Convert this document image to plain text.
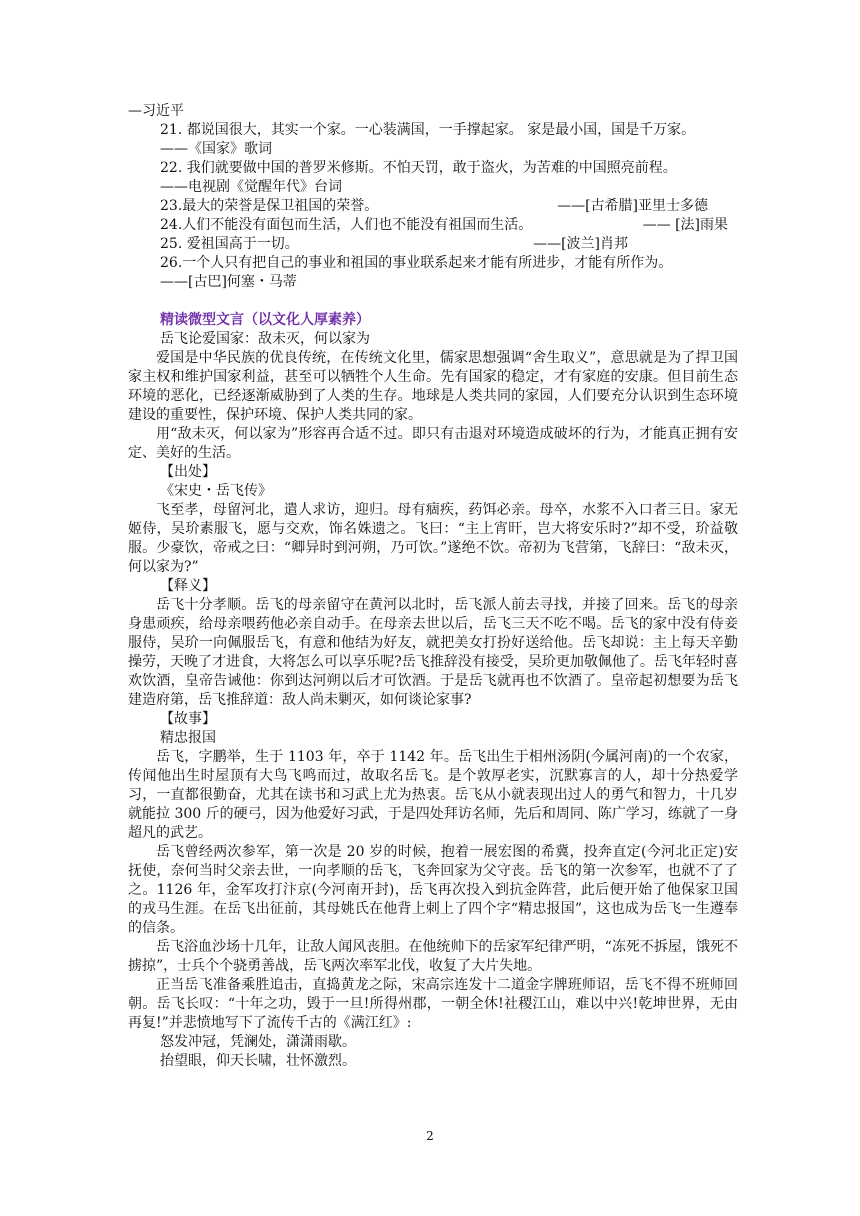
—习近平
21. 都说国很大，其实一个家。一心装满国，一手撑起家。 家是最小国，国是千万家。
——《国家》歌词
22. 我们就要做中国的普罗米修斯。不怕天罚，敢于盗火，为苦难的中国照亮前程。
——电视剧《觉醒年代》台词
23.最大的荣誉是保卫祖国的荣誉。	——[古希腊]亚里士多德
24.人们不能没有面包而生活，人们也不能没有祖国而生活。	—— [法]雨果
25. 爱祖国高于一切。	——[波兰]肖邦
26.一个人只有把自己的事业和祖国的事业联系起来才能有所进步，才能有所作为。
——[古巴]何塞・马蒂
精读微型文言（以文化人厚素养）
岳飞论爱国家：敌未灭，何以家为

爱国是中华民族的优良传统，在传统文化里，儒家思想强调“舍生取义”，意思就是为了捍卫国家主权和维护国家利益，甚至可以牺牲个人生命。先有国家的稳定，才有家庭的安康。但目前生态环境的恶化，已经逐渐威胁到了人类的生存。地球是人类共同的家园，人们要充分认识到生态环境建设的重要性，保护环境、保护人类共同的家。

用“敌未灭，何以家为”形容再合适不过。即只有击退对环境造成破坏的行为，才能真正拥有安定、美好的生活。

【出处】
《宋史・岳飞传》

飞至孝，母留河北，遣人求访，迎归。母有痼疾，药饵必亲。母卒，水浆不入口者三日。家无姬侍，吴玠素服飞，愿与交欢，饰名姝遗之。飞曰：“主上宵旰，岂大将安乐时?”却不受，玠益敬服。少豪饮，帝戒之曰：“卿异时到河朔，乃可饮。”遂绝不饮。帝初为飞营第，飞辞曰：“敌未灭，何以家为?”

【释义】

岳飞十分孝顺。岳飞的母亲留守在黄河以北时，岳飞派人前去寻找，并接了回来。岳飞的母亲身患顽疾，给母亲喂药他必亲自动手。在母亲去世以后，岳飞三天不吃不喝。岳飞的家中没有侍妾服侍，吴玠一向佩服岳飞，有意和他结为好友，就把美女打扮好送给他。岳飞却说：主上每天辛勤操劳，天晚了才进食，大将怎么可以享乐呢?岳飞推辞没有接受，吴玠更加敬佩他了。岳飞年轻时喜欢饮酒，皇帝告诫他：你到达河朔以后才可饮酒。于是岳飞就再也不饮酒了。皇帝起初想要为岳飞建造府第，岳飞推辞道：敌人尚未剿灭，如何谈论家事?

【故事】
精忠报国

岳飞，字鹏举，生于 1103 年，卒于 1142 年。岳飞出生于相州汤阴(今属河南)的一个农家，传闻他出生时屋顶有大鸟飞鸣而过，故取名岳飞。是个敦厚老实，沉默寡言的人，却十分热爱学习，一直都很勤奋，尤其在读书和习武上尤为热衷。岳飞从小就表现出过人的勇气和智力，十几岁就能拉 300 斤的硬弓，因为他爱好习武，于是四处拜访名师，先后和周同、陈广学习，练就了一身超凡的武艺。

岳飞曾经两次参军，第一次是 20 岁的时候，抱着一展宏图的希冀，投奔直定(今河北正定)安抚使，奈何当时父亲去世，一向孝顺的岳飞，飞奔回家为父守丧。岳飞的第一次参军，也就不了了之。1126 年，金军攻打汴京(今河南开封)，岳飞再次投入到抗金阵营，此后便开始了他保家卫国的戎马生涯。在岳飞出征前，其母姚氏在他背上刺上了四个字“精忠报国”，这也成为岳飞一生遵奉的信条。

岳飞浴血沙场十几年，让敌人闻风丧胆。在他统帅下的岳家军纪律严明，“冻死不拆屋，饿死不掳掠”，士兵个个骁勇善战，岳飞两次率军北伐，收复了大片失地。

正当岳飞准备乘胜追击，直捣黄龙之际，宋高宗连发十二道金字牌班师诏，岳飞不得不班师回朝。岳飞长叹：“十年之功，毁于一旦!所得州郡，一朝全休!社稷江山，难以中兴!乾坤世界，无由再复!”并悲愤地写下了流传千古的《满江红》:

怒发冲冠，凭澜处，潇潇雨歇。
抬望眼，仰天长啸，壮怀激烈。
2
